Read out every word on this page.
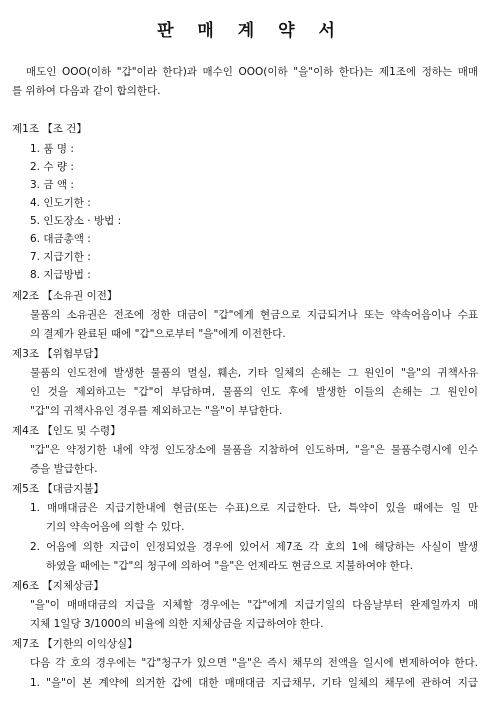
판 매 계 약 서
매도인 OOO(이하 "갑"이라 한다)과 매수인 OOO(이하 "을"이하 한다)는 제1조에 정하는 매매
를 위하여 다음과 같이 합의한다.
제1조 【조 건】
1. 품 명 :
2. 수 량 :
3. 금 액 :
4. 인도기한 :
5. 인도장소 · 방법 :
6. 대금총액 :
7. 지급기한 :
8. 지급방법 :
제2조 【소유권 이전】
물품의 소유권은 전조에 정한 대금이 "갑"에게 현금으로 지급되거나 또는 약속어음이나 수표
의 결제가 완료된 때에 "갑"으로부터 "을"에게 이전한다.
제3조 【위험부담】
물품의 인도전에 발생한 물품의 멸실, 훼손, 기타 일체의 손해는 그 원인이 "을"의 귀책사유
인 것을 제외하고는 "갑"이 부담하며, 물품의 인도 후에 발생한 이들의 손해는 그 원인이
"갑"의 귀책사유인 경우를 제외하고는 "을"이 부담한다.
제4조 【인도 및 수령】
"갑"은 약정기한 내에 약정 인도장소에 물품을 지참하여 인도하며, "을"은 물품수령시에 인수
증을 발급한다.
제5조 【대금지불】
1. 매매대금은 지급기한내에 현금(또는 수표)으로 지급한다. 단, 특약이 있을 때에는 일 만
기의 약속어음에 의할 수 있다.
2. 어음에 의한 지급이 인정되었을 경우에 있어서 제7조 각 호의 1에 해당하는 사실이 발생
하였을 때에는 "갑"의 청구에 의하여 "을"은 언제라도 현금으로 지불하여야 한다.
제6조 【지체상금】
"을"이 매매대금의 지급을 지체할 경우에는 "갑"에게 지급기일의 다음날부터 완제일까지 매
지체 1일당 3/1000의 비율에 의한 지체상금을 지급하여야 한다.
제7조 【기한의 이익상실】
다음 각 호의 경우에는 "갑"청구가 있으면 "을"은 즉시 채무의 전액을 일시에 변제하여야 한다.
1. "을"이 본 계약에 의거한 갑에 대한 매매대금 지급채무, 기타 일체의 채무에 관하여 지급
